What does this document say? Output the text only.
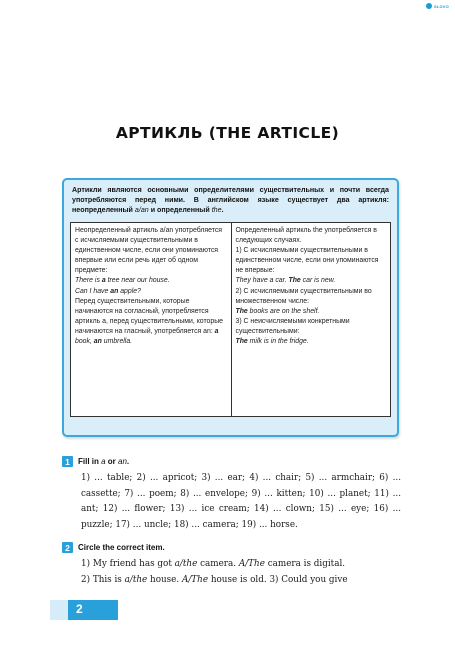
SLOVO
АРТИКЛЬ (THE ARTICLE)

Артикли являются основными определителями существительных и почти всегда употребляются перед ними. В английском языке существует два артикля: неопределенный a/an и определенный the.

Неопределенный артикль a/an употребляется с исчисляемыми существительными в единственном числе, если они упоминаются впервые или если речь идет об одном предмете:

There is a tree near our house.

Can I have an apple?

Перед существительными, которые начинаются на согласный, употребляется артикль a, перед существительными, которые начинаются на гласный, употребляется an: a book, an umbrella.

Определенный артикль the употребляется в следующих случаях.

1) С исчисляемыми существительными в единственном числе, если они упоминаются не впервые:

They have a car. The car is new.

2) С исчисляемыми существительными во множественном числе:

The books are on the shelf.

3) С неисчисляемыми конкретными существительными:

The milk is in the fridge.

1	Fill in a or an.
1) ... table; 2) ... apricot; 3) ... ear; 4) ... chair; 5) ... armchair; 6) ... cassette; 7) ... poem; 8) ... envelope; 9) ... kitten; 10) ... planet; 11) ... ant; 12) ... flower; 13) ... ice cream; 14) ... clown; 15) ... eye; 16) ... puzzle; 17) ... uncle; 18) ... camera; 19) ... horse.
2	Circle the correct item.
1) My friend has got a/the camera. A/The camera is digital.
2) This is a/the house. A/The house is old. 3) Could you give
2
